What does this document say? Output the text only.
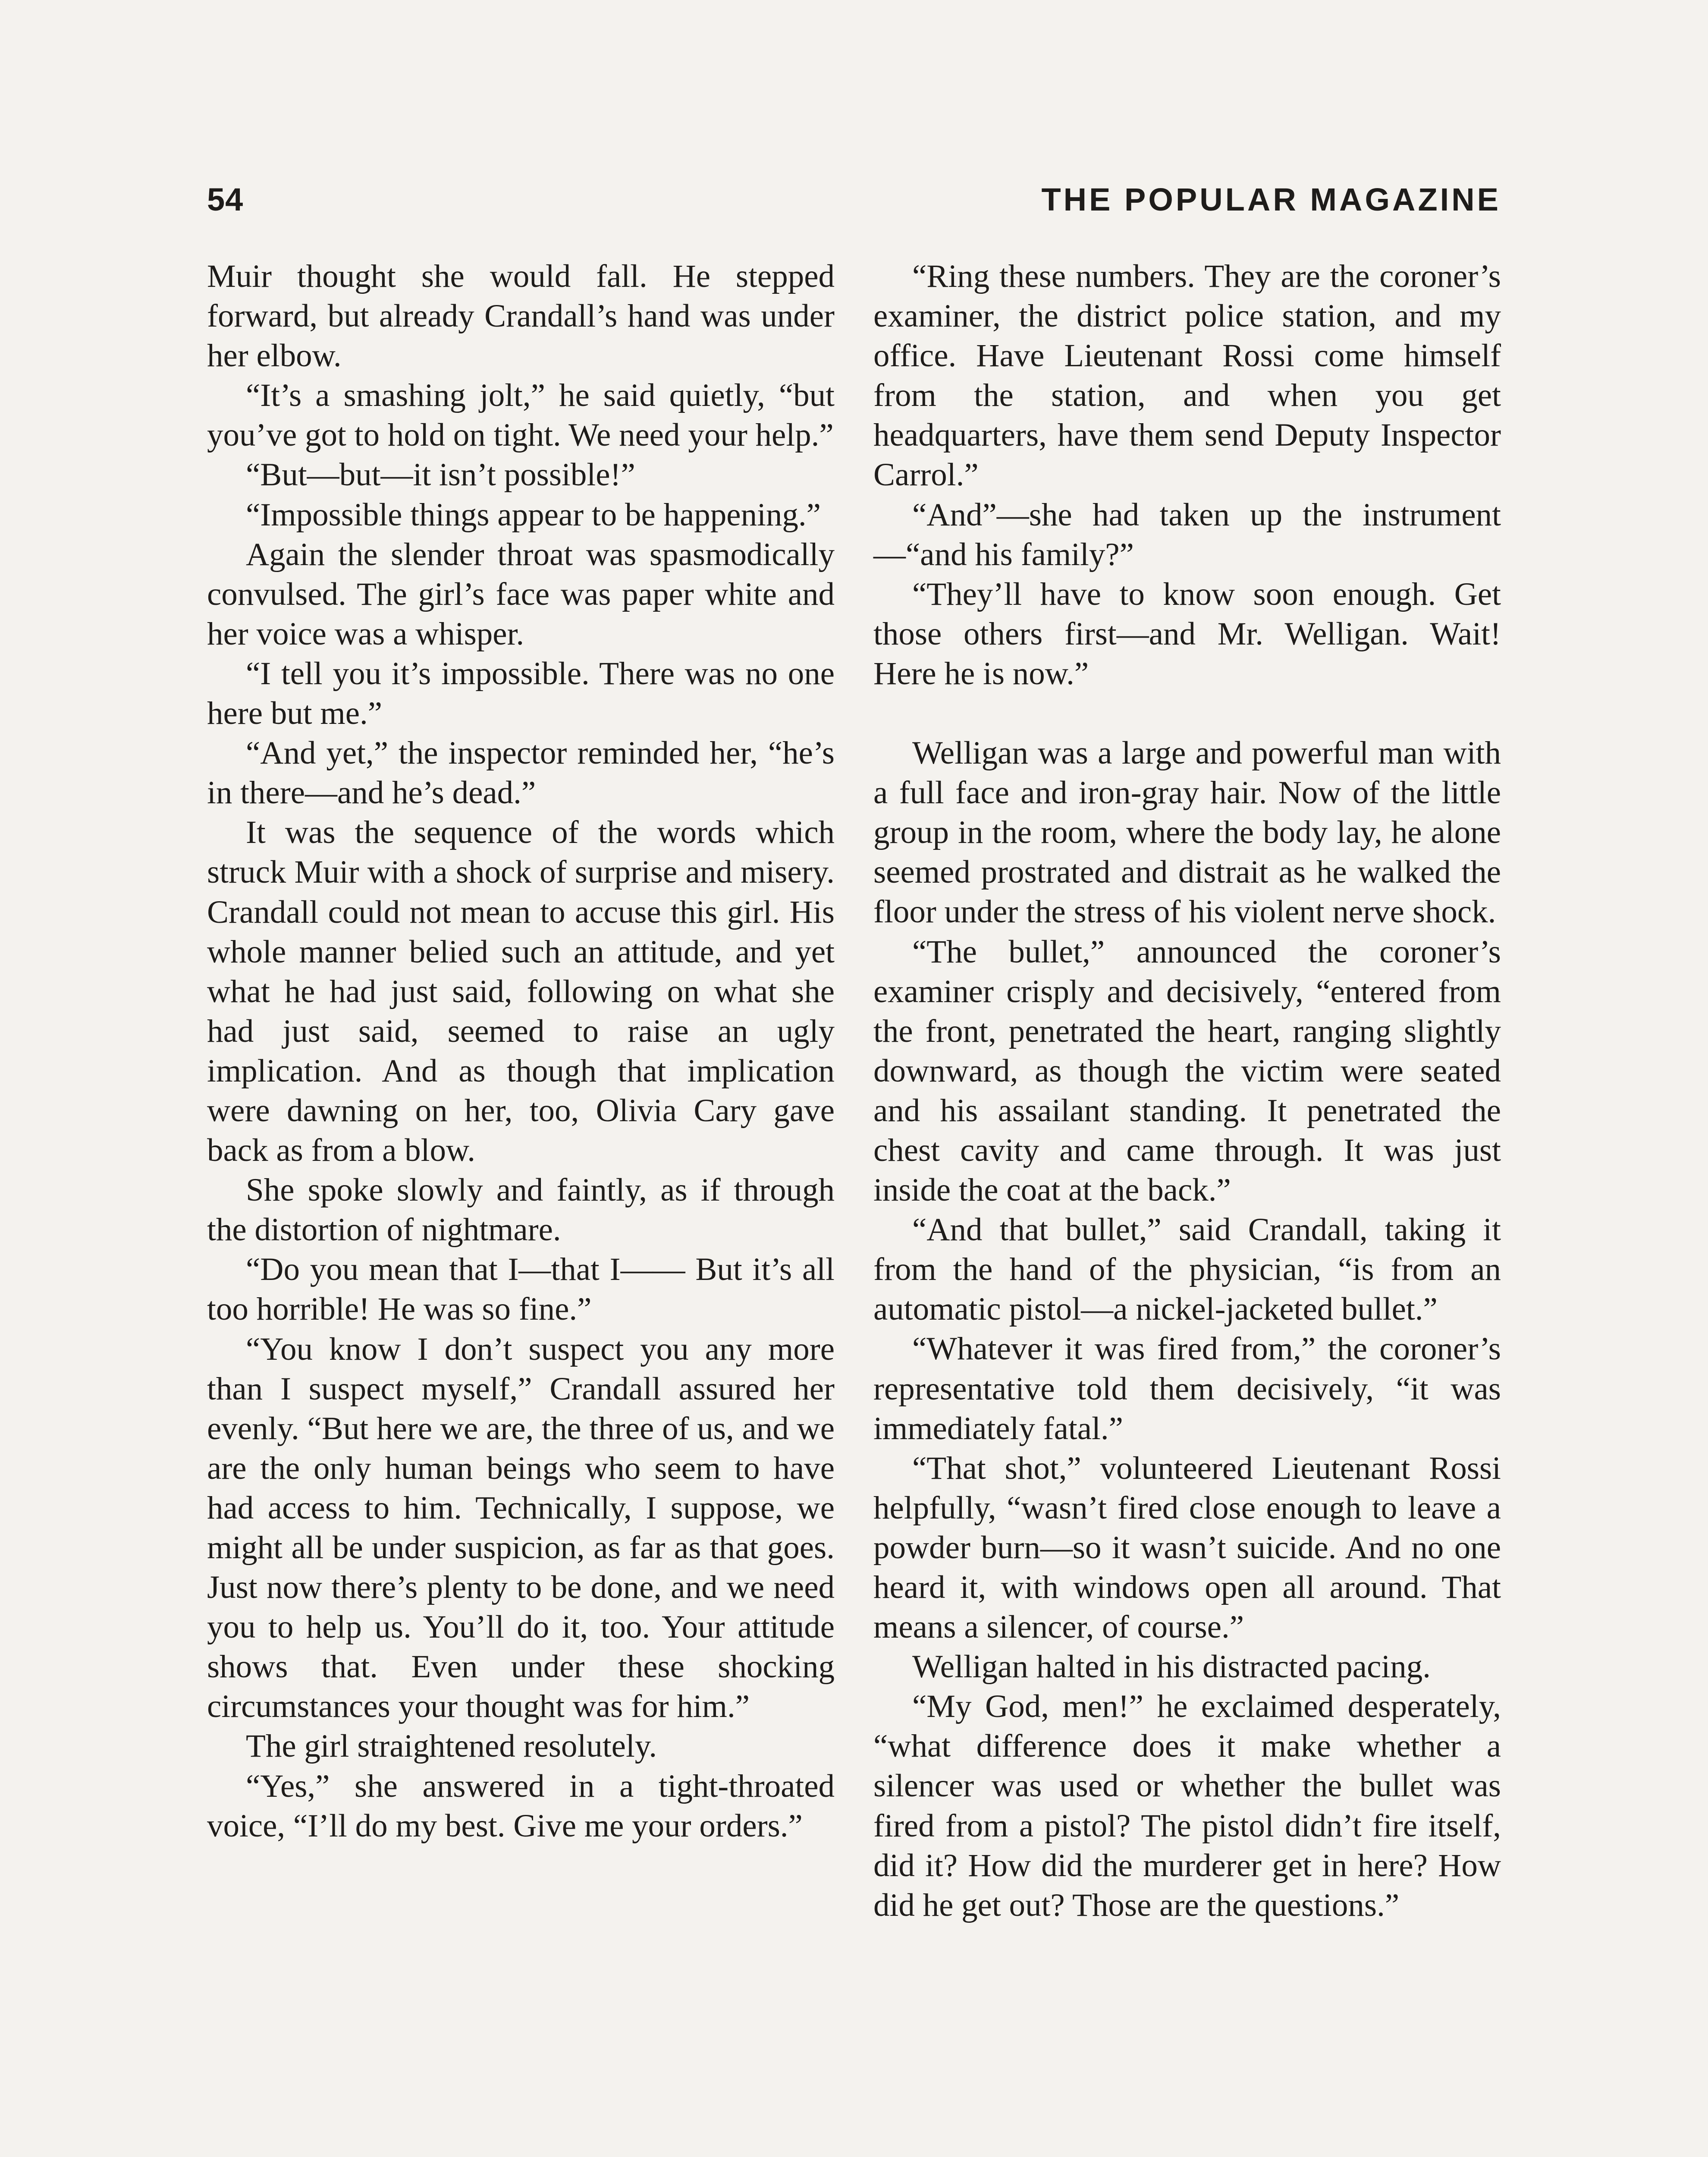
54	THE POPULAR MAGAZINE

Muir thought she would fall. He stepped forward, but already Crandall’s hand was under her elbow.

“It’s a smashing jolt,” he said quietly, “but you’ve got to hold on tight. We need your help.”

“But—but—it isn’t possible!”

“Impossible things appear to be happening.”

Again the slender throat was spasmodically convulsed. The girl’s face was paper white and her voice was a whisper.

“I tell you it’s impossible. There was no one here but me.”

“And yet,” the inspector reminded her, “he’s in there—and he’s dead.”

It was the sequence of the words which struck Muir with a shock of surprise and misery. Crandall could not mean to accuse this girl. His whole manner belied such an attitude, and yet what he had just said, following on what she had just said, seemed to raise an ugly implication. And as though that implication were dawning on her, too, Olivia Cary gave back as from a blow.

She spoke slowly and faintly, as if through the distortion of nightmare.

“Do you mean that I—that I—— But it’s all too horrible! He was so fine.”

“You know I don’t suspect you any more than I suspect myself,” Crandall assured her evenly. “But here we are, the three of us, and we are the only human beings who seem to have had access to him. Technically, I suppose, we might all be under suspicion, as far as that goes. Just now there’s plenty to be done, and we need you to help us. You’ll do it, too. Your attitude shows that. Even under these shocking circumstances your thought was for him.”

The girl straightened resolutely.

“Yes,” she answered in a tight-throated voice, “I’ll do my best. Give me your orders.”

“Ring these numbers. They are the coroner’s examiner, the district police station, and my office. Have Lieutenant Rossi come himself from the station, and when you get headquarters, have them send Deputy Inspector Carrol.”

“And”—she had taken up the instrument—“and his family?”

“They’ll have to know soon enough. Get those others first—and Mr. Welligan. Wait! Here he is now.”

Welligan was a large and powerful man with a full face and iron-gray hair. Now of the little group in the room, where the body lay, he alone seemed prostrated and distrait as he walked the floor under the stress of his violent nerve shock.

“The bullet,” announced the coroner’s examiner crisply and decisively, “entered from the front, penetrated the heart, ranging slightly downward, as though the victim were seated and his assailant standing. It penetrated the chest cavity and came through. It was just inside the coat at the back.”

“And that bullet,” said Crandall, taking it from the hand of the physician, “is from an automatic pistol—a nickel-jacketed bullet.”

“Whatever it was fired from,” the coroner’s representative told them decisively, “it was immediately fatal.”

“That shot,” volunteered Lieutenant Rossi helpfully, “wasn’t fired close enough to leave a powder burn—so it wasn’t suicide. And no one heard it, with windows open all around. That means a silencer, of course.”

Welligan halted in his distracted pacing.

“My God, men!” he exclaimed desperately, “what difference does it make whether a silencer was used or whether the bullet was fired from a pistol? The pistol didn’t fire itself, did it? How did the murderer get in here? How did he get out? Those are the questions.”
